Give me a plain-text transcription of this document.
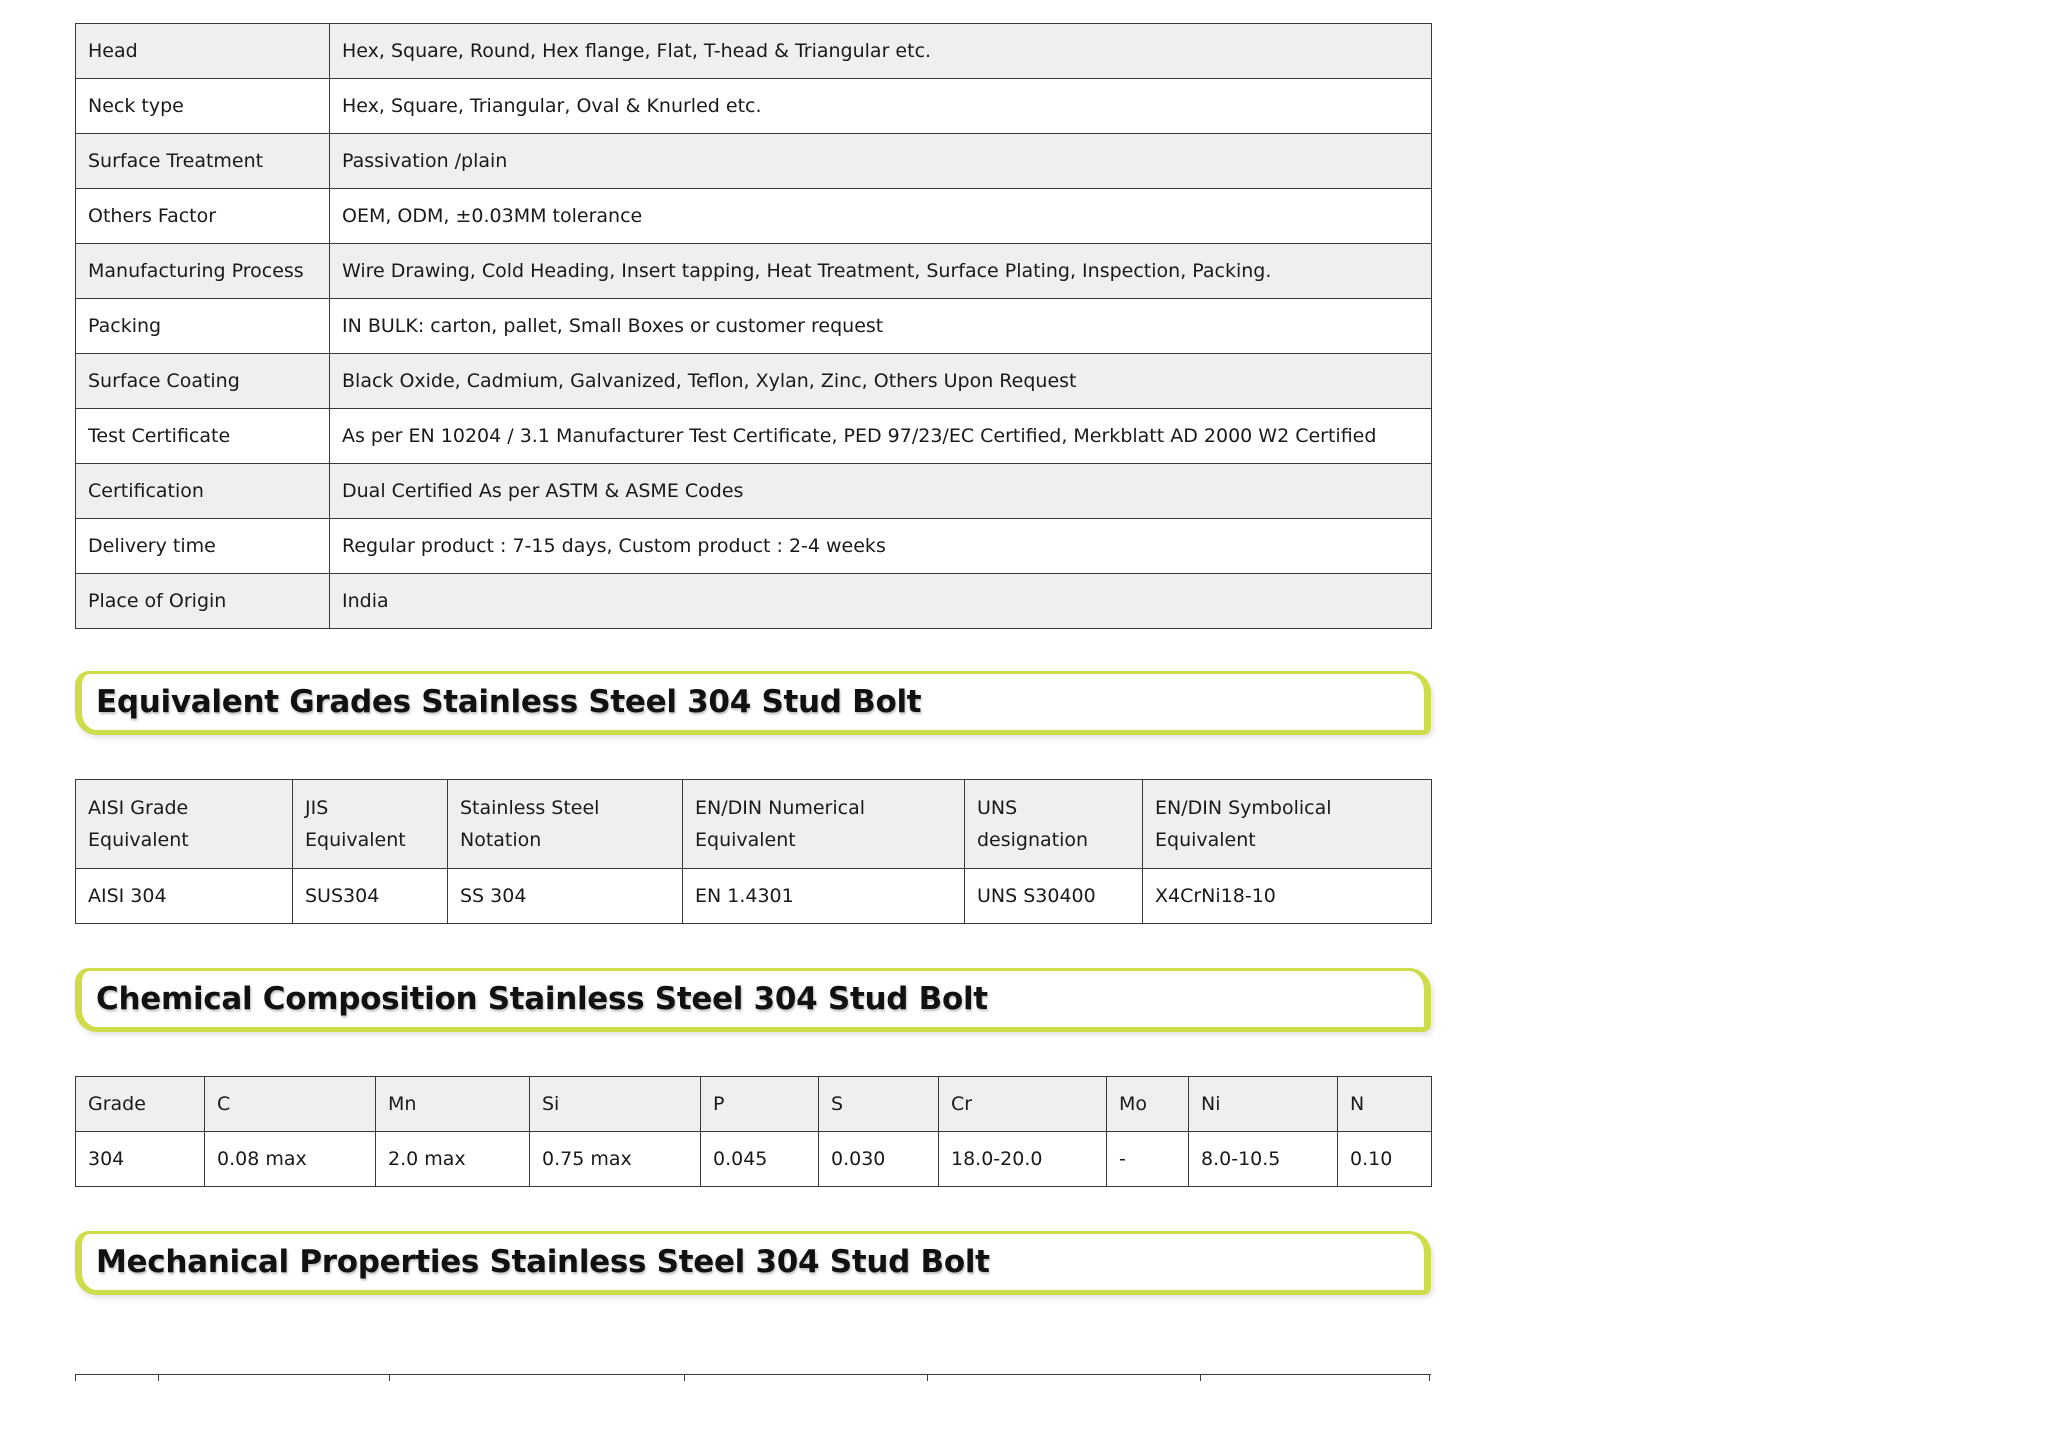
Head	Hex, Square, Round, Hex flange, Flat, T-head & Triangular etc.
Neck type	Hex, Square, Triangular, Oval & Knurled etc.
Surface Treatment	Passivation /plain
Others Factor	OEM, ODM, ±0.03MM tolerance
Manufacturing Process	Wire Drawing, Cold Heading, Insert tapping, Heat Treatment, Surface Plating, Inspection, Packing.
Packing	IN BULK: carton, pallet, Small Boxes or customer request
Surface Coating	Black Oxide, Cadmium, Galvanized, Teflon, Xylan, Zinc, Others Upon Request
Test Certificate	As per EN 10204 / 3.1 Manufacturer Test Certificate, PED 97/23/EC Certified, Merkblatt AD 2000 W2 Certified
Certification	Dual Certified As per ASTM & ASME Codes
Delivery time	Regular product : 7-15 days, Custom product : 2-4 weeks
Place of Origin	India
Equivalent Grades Stainless Steel 304 Stud Bolt
AISI Grade Equivalent	JIS Equivalent	Stainless Steel Notation	EN/DIN Numerical Equivalent	UNS designation	EN/DIN Symbolical Equivalent
AISI 304	SUS304	SS 304	EN 1.4301	UNS S30400	X4CrNi18-10
Chemical Composition Stainless Steel 304 Stud Bolt
Grade	C	Mn	Si	P	S	Cr	Mo	Ni	N
304	0.08 max	2.0 max	0.75 max	0.045	0.030	18.0-20.0	-	8.0-10.5	0.10
Mechanical Properties Stainless Steel 304 Stud Bolt
